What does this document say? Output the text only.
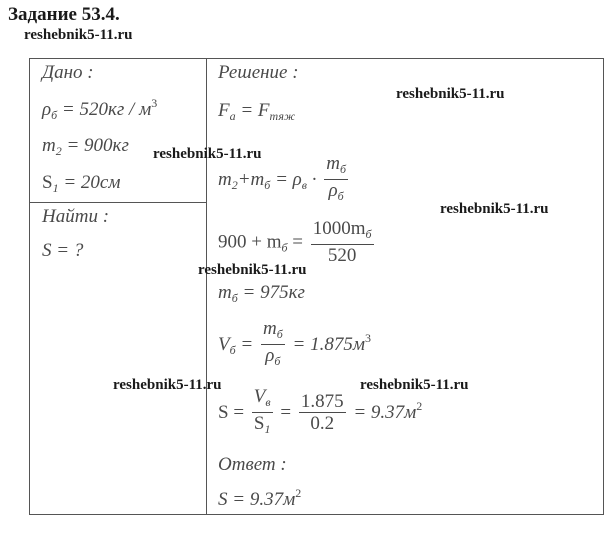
Задание 53.4.
reshebnik5-11.ru
Дано :
$\rho_б = 520кг / м^3$
$m_2 = 900кг$
$S_1 = 20см$
Найти :
S = ?
Решение :
$F_a = F_{тяж}$
$m_2+m_б = \rho_в \cdot \frac{m_б}{\rho_б}$
$900 + m_б = \frac{1000m_б}{520}$
$m_б = 975кг$
$V_б = \frac{m_б}{\rho_б} = 1.875м^3$
$S = \frac{V_в}{S_1} = \frac{1.875}{0.2} = 9.37м^2$
Ответ :
$S = 9.37м^2$
reshebnik5-11.ru
reshebnik5-11.ru
reshebnik5-11.ru
reshebnik5-11.ru
reshebnik5-11.ru	reshebnik5-11.ru
